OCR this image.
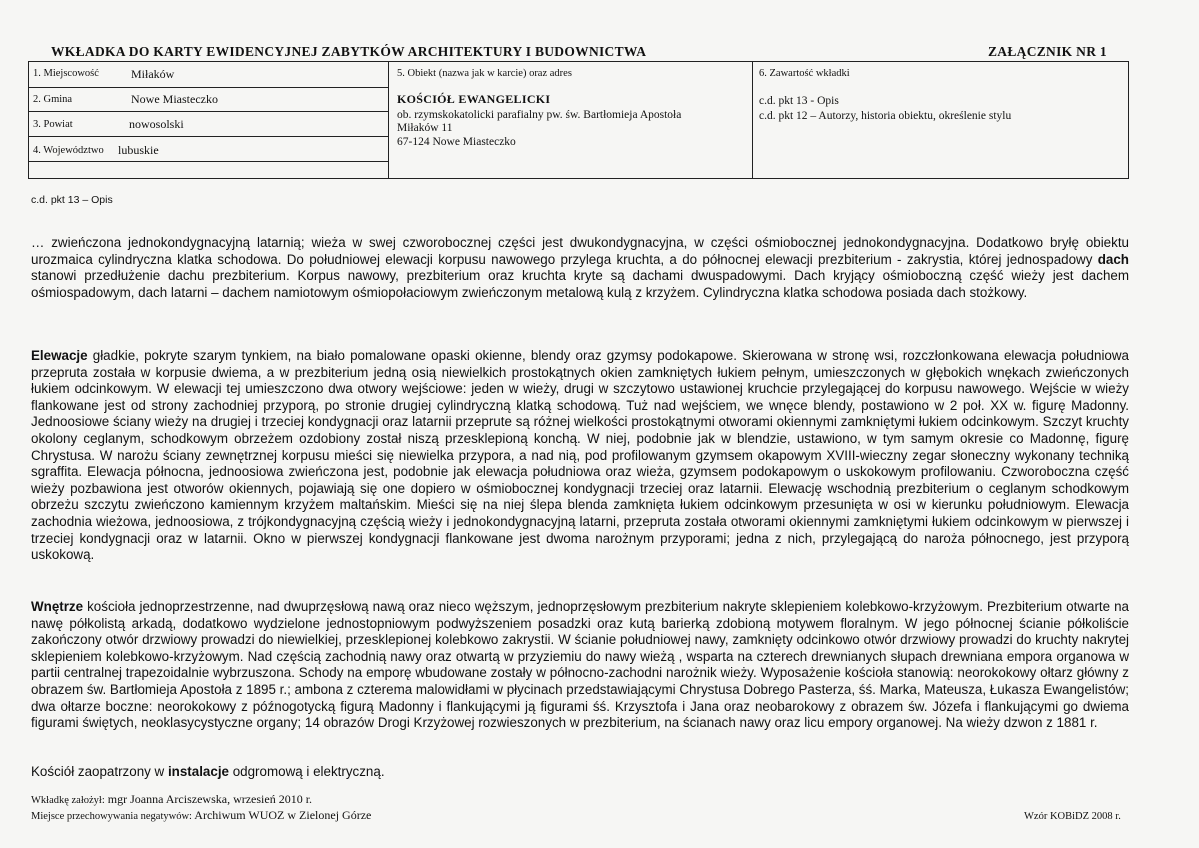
WKŁADKA DO KARTY EWIDENCYJNEJ ZABYTKÓW ARCHITEKTURY I BUDOWNICTWA	ZAŁĄCZNIK NR 1
1. Miejscowość	Miłaków
2. Gmina	Nowe Miasteczko
3. Powiat	nowosolski
4. Województwo lubuskie
5. Obiekt (nazwa jak w karcie) oraz adres
KOŚCIÓŁ EWANGELICKI
ob. rzymskokatolicki parafialny pw. św. Bartłomieja Apostoła
Miłaków 11
67-124 Nowe Miasteczko
6. Zawartość wkładki
c.d. pkt 13 - Opis
c.d. pkt 12 – Autorzy, historia obiektu, określenie stylu
c.d. pkt 13 – Opis

… zwieńczona jednokondygnacyjną latarnią; wieża w swej czworobocznej części jest dwukondygnacyjna, w części ośmiobocznej jednokondygnacyjna. Dodatkowo bryłę obiektu urozmaica cylindryczna klatka schodowa. Do południowej elewacji korpusu nawowego przylega kruchta, a do północnej elewacji prezbiterium - zakrystia, której jednospadowy dach stanowi przedłużenie dachu prezbiterium. Korpus nawowy, prezbiterium oraz kruchta kryte są dachami dwuspadowymi. Dach kryjący ośmioboczną część wieży jest dachem ośmiospadowym, dach latarni – dachem namiotowym ośmiopołaciowym zwieńczonym metalową kulą z krzyżem. Cylindryczna klatka schodowa posiada dach stożkowy.

Elewacje gładkie, pokryte szarym tynkiem, na biało pomalowane opaski okienne, blendy oraz gzymsy podokapowe. Skierowana w stronę wsi, rozczłonkowana elewacja południowa przepruta została w korpusie dwiema, a w prezbiterium jedną osią niewielkich prostokątnych okien zamkniętych łukiem pełnym, umieszczonych w głębokich wnękach zwieńczonych łukiem odcinkowym. W elewacji tej umieszczono dwa otwory wejściowe: jeden w wieży, drugi w szczytowo ustawionej kruchcie przylegającej do korpusu nawowego. Wejście w wieży flankowane jest od strony zachodniej przyporą, po stronie drugiej cylindryczną klatką schodową. Tuż nad wejściem, we wnęce blendy, postawiono w 2 poł. XX w. figurę Madonny. Jednoosiowe ściany wieży na drugiej i trzeciej kondygnacji oraz latarnii przeprute są różnej wielkości prostokątnymi otworami okiennymi zamkniętymi łukiem odcinkowym. Szczyt kruchty okolony ceglanym, schodkowym obrzeżem ozdobiony został niszą przesklepioną konchą. W niej, podobnie jak w blendzie, ustawiono, w tym samym okresie co Madonnę, figurę Chrystusa. W narożu ściany zewnętrznej korpusu mieści się niewielka przypora, a nad nią, pod profilowanym gzymsem okapowym XVIII-wieczny zegar słoneczny wykonany techniką sgraffita. Elewacja północna, jednoosiowa zwieńczona jest, podobnie jak elewacja południowa oraz wieża, gzymsem podokapowym o uskokowym profilowaniu. Czworoboczna część wieży pozbawiona jest otworów okiennych, pojawiają się one dopiero w ośmiobocznej kondygnacji trzeciej oraz latarnii. Elewację wschodnią prezbiterium o ceglanym schodkowym obrzeżu szczytu zwieńczono kamiennym krzyżem maltańskim. Mieści się na niej ślepa blenda zamknięta łukiem odcinkowym przesunięta w osi w kierunku południowym. Elewacja zachodnia wieżowa, jednoosiowa, z trójkondygnacyjną częścią wieży i jednokondygnacyjną latarni, przeprutа została otworami okiennymi zamkniętymi łukiem odcinkowym w pierwszej i trzeciej kondygnacji oraz w latarnii. Okno w pierwszej kondygnacji flankowane jest dwoma narożnym przyporami; jedna z nich, przylegającą do naroża północnego, jest przyporą uskokową.

Wnętrze kościoła jednoprzestrzenne, nad dwuprzęsłową nawą oraz nieco węższym, jednoprzęsłowym prezbiterium nakryte sklepieniem kolebkowo-krzyżowym. Prezbiterium otwarte na nawę półkolistą arkadą, dodatkowo wydzielone jednostopniowym podwyższeniem posadzki oraz kutą barierką zdobioną motywem floralnym. W jego północnej ścianie półkoliście zakończony otwór drzwiowy prowadzi do niewielkiej, przesklepionej kolebkowo zakrystii. W ścianie południowej nawy, zamknięty odcinkowo otwór drzwiowy prowadzi do kruchty nakrytej sklepieniem kolebkowo-krzyżowym. Nad częścią zachodnią nawy oraz otwartą w przyziemiu do nawy wieżą , wsparta na czterech drewnianych słupach drewniana empora organowa w partii centralnej trapezoidalnie wybrzuszona. Schody na emporę wbudowane zostały w północno-zachodni narożnik wieży. Wyposażenie kościoła stanowią: neorokokowy ołtarz główny z obrazem św. Bartłomieja Apostoła z 1895 r.; ambona z czterema malowidłami w płycinach przedstawiającymi Chrystusa Dobrego Pasterza, śś. Marka, Mateusza, Łukasza Ewangelistów; dwa ołtarze boczne: neorokokowy z późnogotycką figurą Madonny i flankującymi ją figurami śś. Krzysztofa i Jana oraz neobarokowy z obrazem św. Józefa i flankującymi go dwiema figurami świętych, neoklasycystyczne organy; 14 obrazów Drogi Krzyżowej rozwieszonych w prezbiterium, na ścianach nawy oraz licu empory organowej. Na wieży dzwon z 1881 r.

Kościół zaopatrzony w instalacje odgromową i elektryczną.

Wkładkę założył: mgr Joanna Arciszewska, wrzesień 2010 r.
Miejsce przechowywania negatywów: Archiwum WUOZ w Zielonej Górze	Wzór KOBiDZ 2008 r.
